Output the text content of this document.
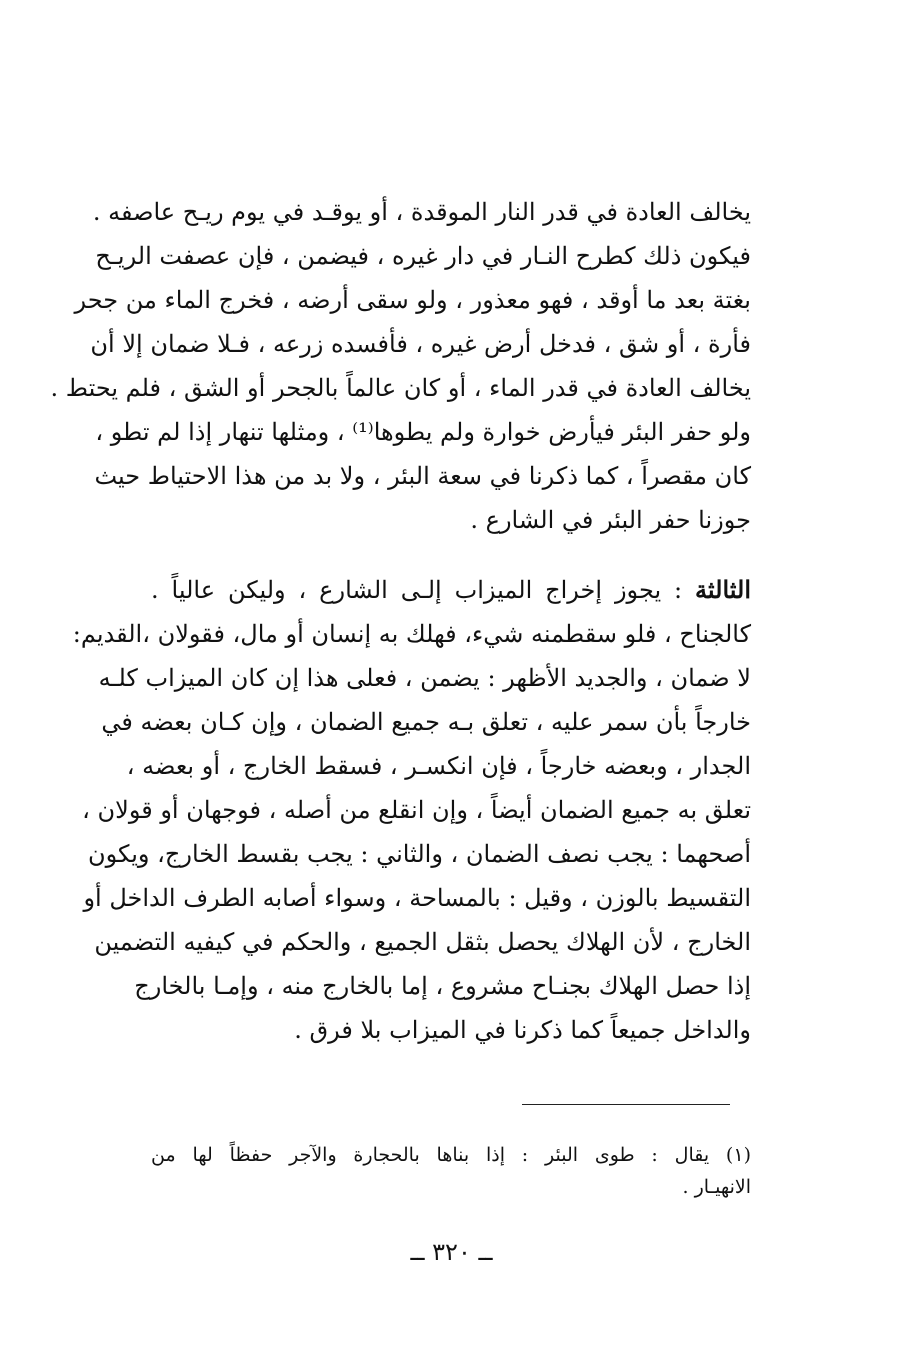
يخالف العادة في قدر النار الموقدة ، أو يوقـد في يوم ريـح عاصفه .
فيكون ذلك كطرح النـار في دار غيره ، فيضمن ، فإن عصفت الريـح
بغتة بعد ما أوقد ، فهو معذور ، ولو سقى أرضه ، فخرج الماء من جحر
فأرة ، أو شق ، فدخل أرض غيره ، فأفسده زرعه ، فـلا ضمان إلا أن
يخالف العادة في قدر الماء ، أو كان عالماً بالجحر أو الشق ، فلم يحتط .
ولو حفر البئر فيأرض خوارة ولم يطوها⁽¹⁾ ، ومثلها تنهار إذا لم تطو ،
كان مقصراً ، كما ذكرنا في سعة البئر ، ولا بد من هذا الاحتياط حيث
جوزنا حفر البئر في الشارع .
الثالثة : يجوز إخراج الميزاب إلـى الشارع ، وليكن عالياً .
كالجناح ، فلو سقطمنه شيء، فهلك به إنسان أو مال، فقولان ،القديم:
لا ضمان ، والجديد الأظهر : يضمن ، فعلى هذا إن كان الميزاب كلـه
خارجاً بأن سمر عليه ، تعلق بـه جميع الضمان ، وإن كـان بعضه في
الجدار ، وبعضه خارجاً ، فإن انكسـر ، فسقط الخارج ، أو بعضه ،
تعلق به جميع الضمان أيضاً ، وإن انقلع من أصله ، فوجهان أو قولان ،
أصحهما : يجب نصف الضمان ، والثاني : يجب بقسط الخارج، ويكون
التقسيط بالوزن ، وقيل : بالمساحة ، وسواء أصابه الطرف الداخل أو
الخارج ، لأن الهلاك يحصل بثقل الجميع ، والحكم في كيفيه التضمين
إذا حصل الهلاك بجنـاح مشروع ، إما بالخارج منه ، وإمـا بالخارج
والداخل جميعاً كما ذكرنا في الميزاب بلا فرق .
(١) يقال : طوى البئر : إذا بناها بالحجارة والآجر حفظاً لها من
الانهيـار .
ــ ٣٢٠ ــ
